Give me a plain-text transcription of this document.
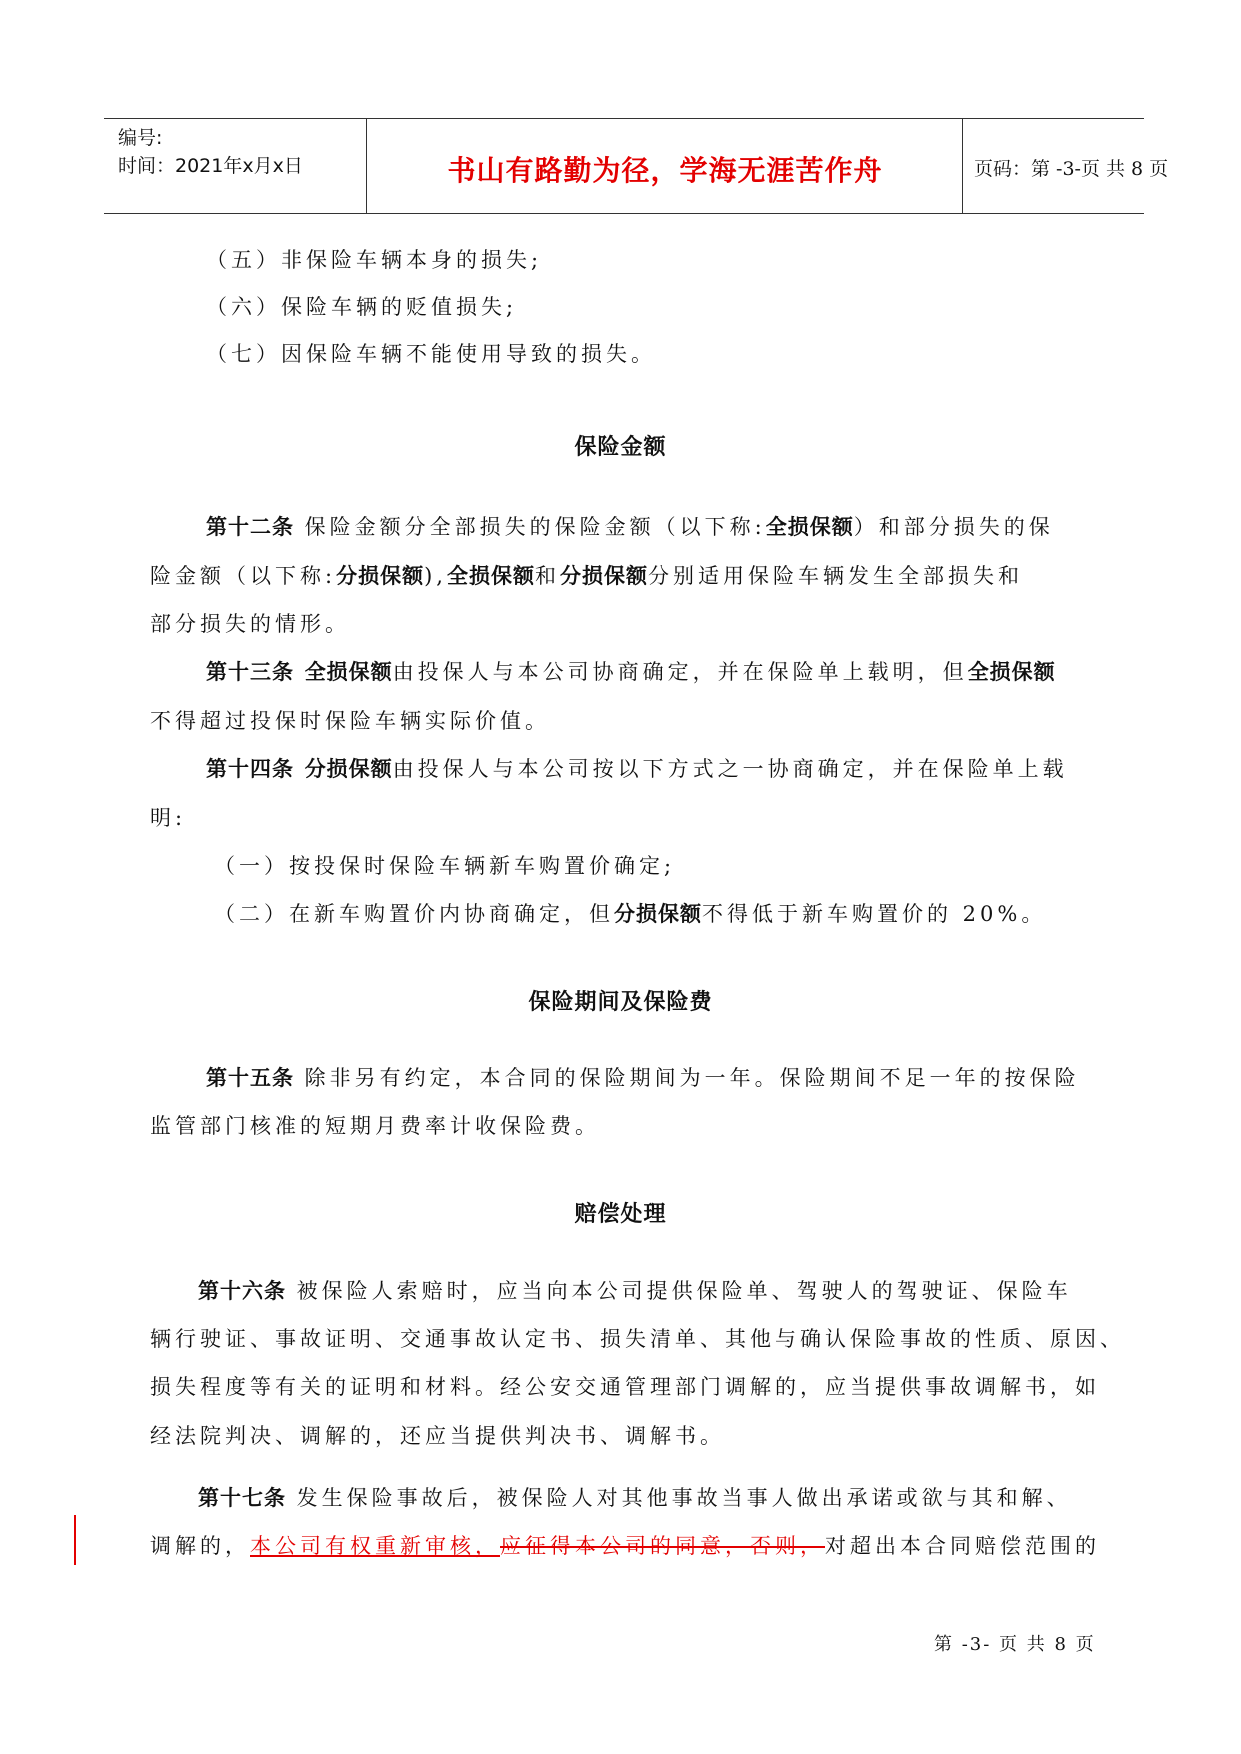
编号:
时间：2021年x月x日	书山有路勤为径，学海无涯苦作舟	页码：第 -3-页 共 8 页
（五）非保险车辆本身的损失;
（六）保险车辆的贬值损失;
（七）因保险车辆不能使用导致的损失。
保险金额
第十二条 保险金额分全部损失的保险金额（以下称:全损保额）和部分损失的保
险金额（以下称:分损保额),全损保额和分损保额分别适用保险车辆发生全部损失和
部分损失的情形。
第十三条 全损保额由投保人与本公司协商确定，并在保险单上载明，但全损保额
不得超过投保时保险车辆实际价值。
第十四条 分损保额由投保人与本公司按以下方式之一协商确定，并在保险单上载
明:
（一）按投保时保险车辆新车购置价确定;
（二）在新车购置价内协商确定，但分损保额不得低于新车购置价的 20%。
保险期间及保险费
第十五条 除非另有约定，本合同的保险期间为一年。保险期间不足一年的按保险
监管部门核准的短期月费率计收保险费。
赔偿处理
第十六条 被保险人索赔时，应当向本公司提供保险单、驾驶人的驾驶证、保险车
辆行驶证、事故证明、交通事故认定书、损失清单、其他与确认保险事故的性质、原因、
损失程度等有关的证明和材料。经公安交通管理部门调解的，应当提供事故调解书，如
经法院判决、调解的，还应当提供判决书、调解书。
第十七条 发生保险事故后，被保险人对其他事故当事人做出承诺或欲与其和解、
调解的，本公司有权重新审核，应征得本公司的同意，否则，对超出本合同赔偿范围的
第 -3- 页 共 8 页
